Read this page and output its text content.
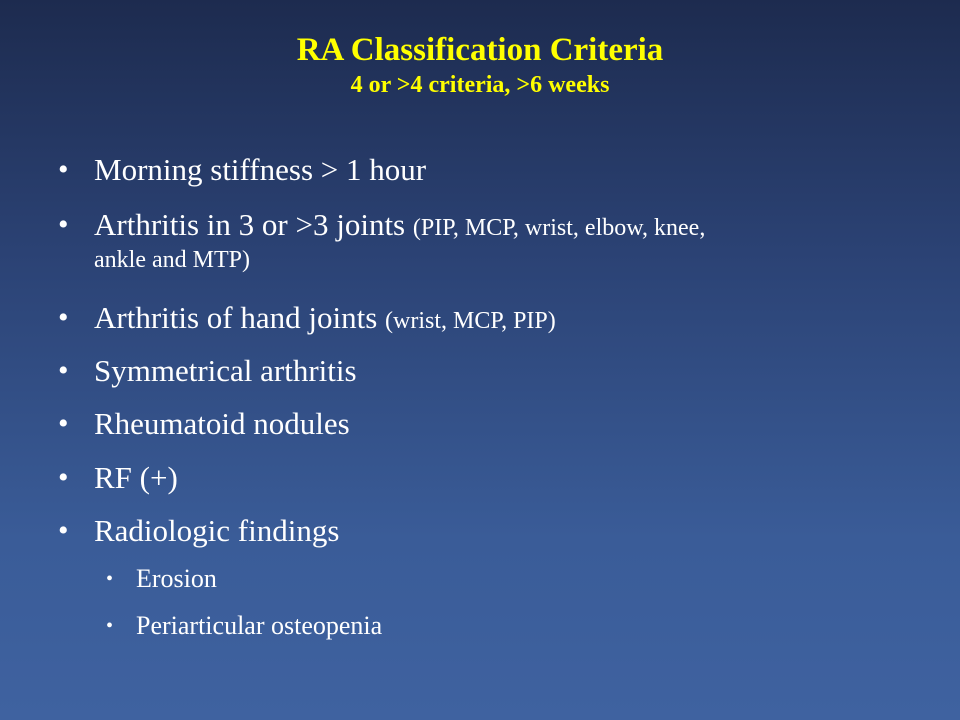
RA Classification Criteria
4 or >4 criteria, >6 weeks
• Morning stiffness > 1 hour
• Arthritis in 3 or >3 joints (PIP, MCP, wrist, elbow, knee,
ankle and MTP)
• Arthritis of hand joints (wrist, MCP, PIP)
• Symmetrical arthritis
• Rheumatoid nodules
• RF (+)
• Radiologic findings
• Erosion
• Periarticular osteopenia
